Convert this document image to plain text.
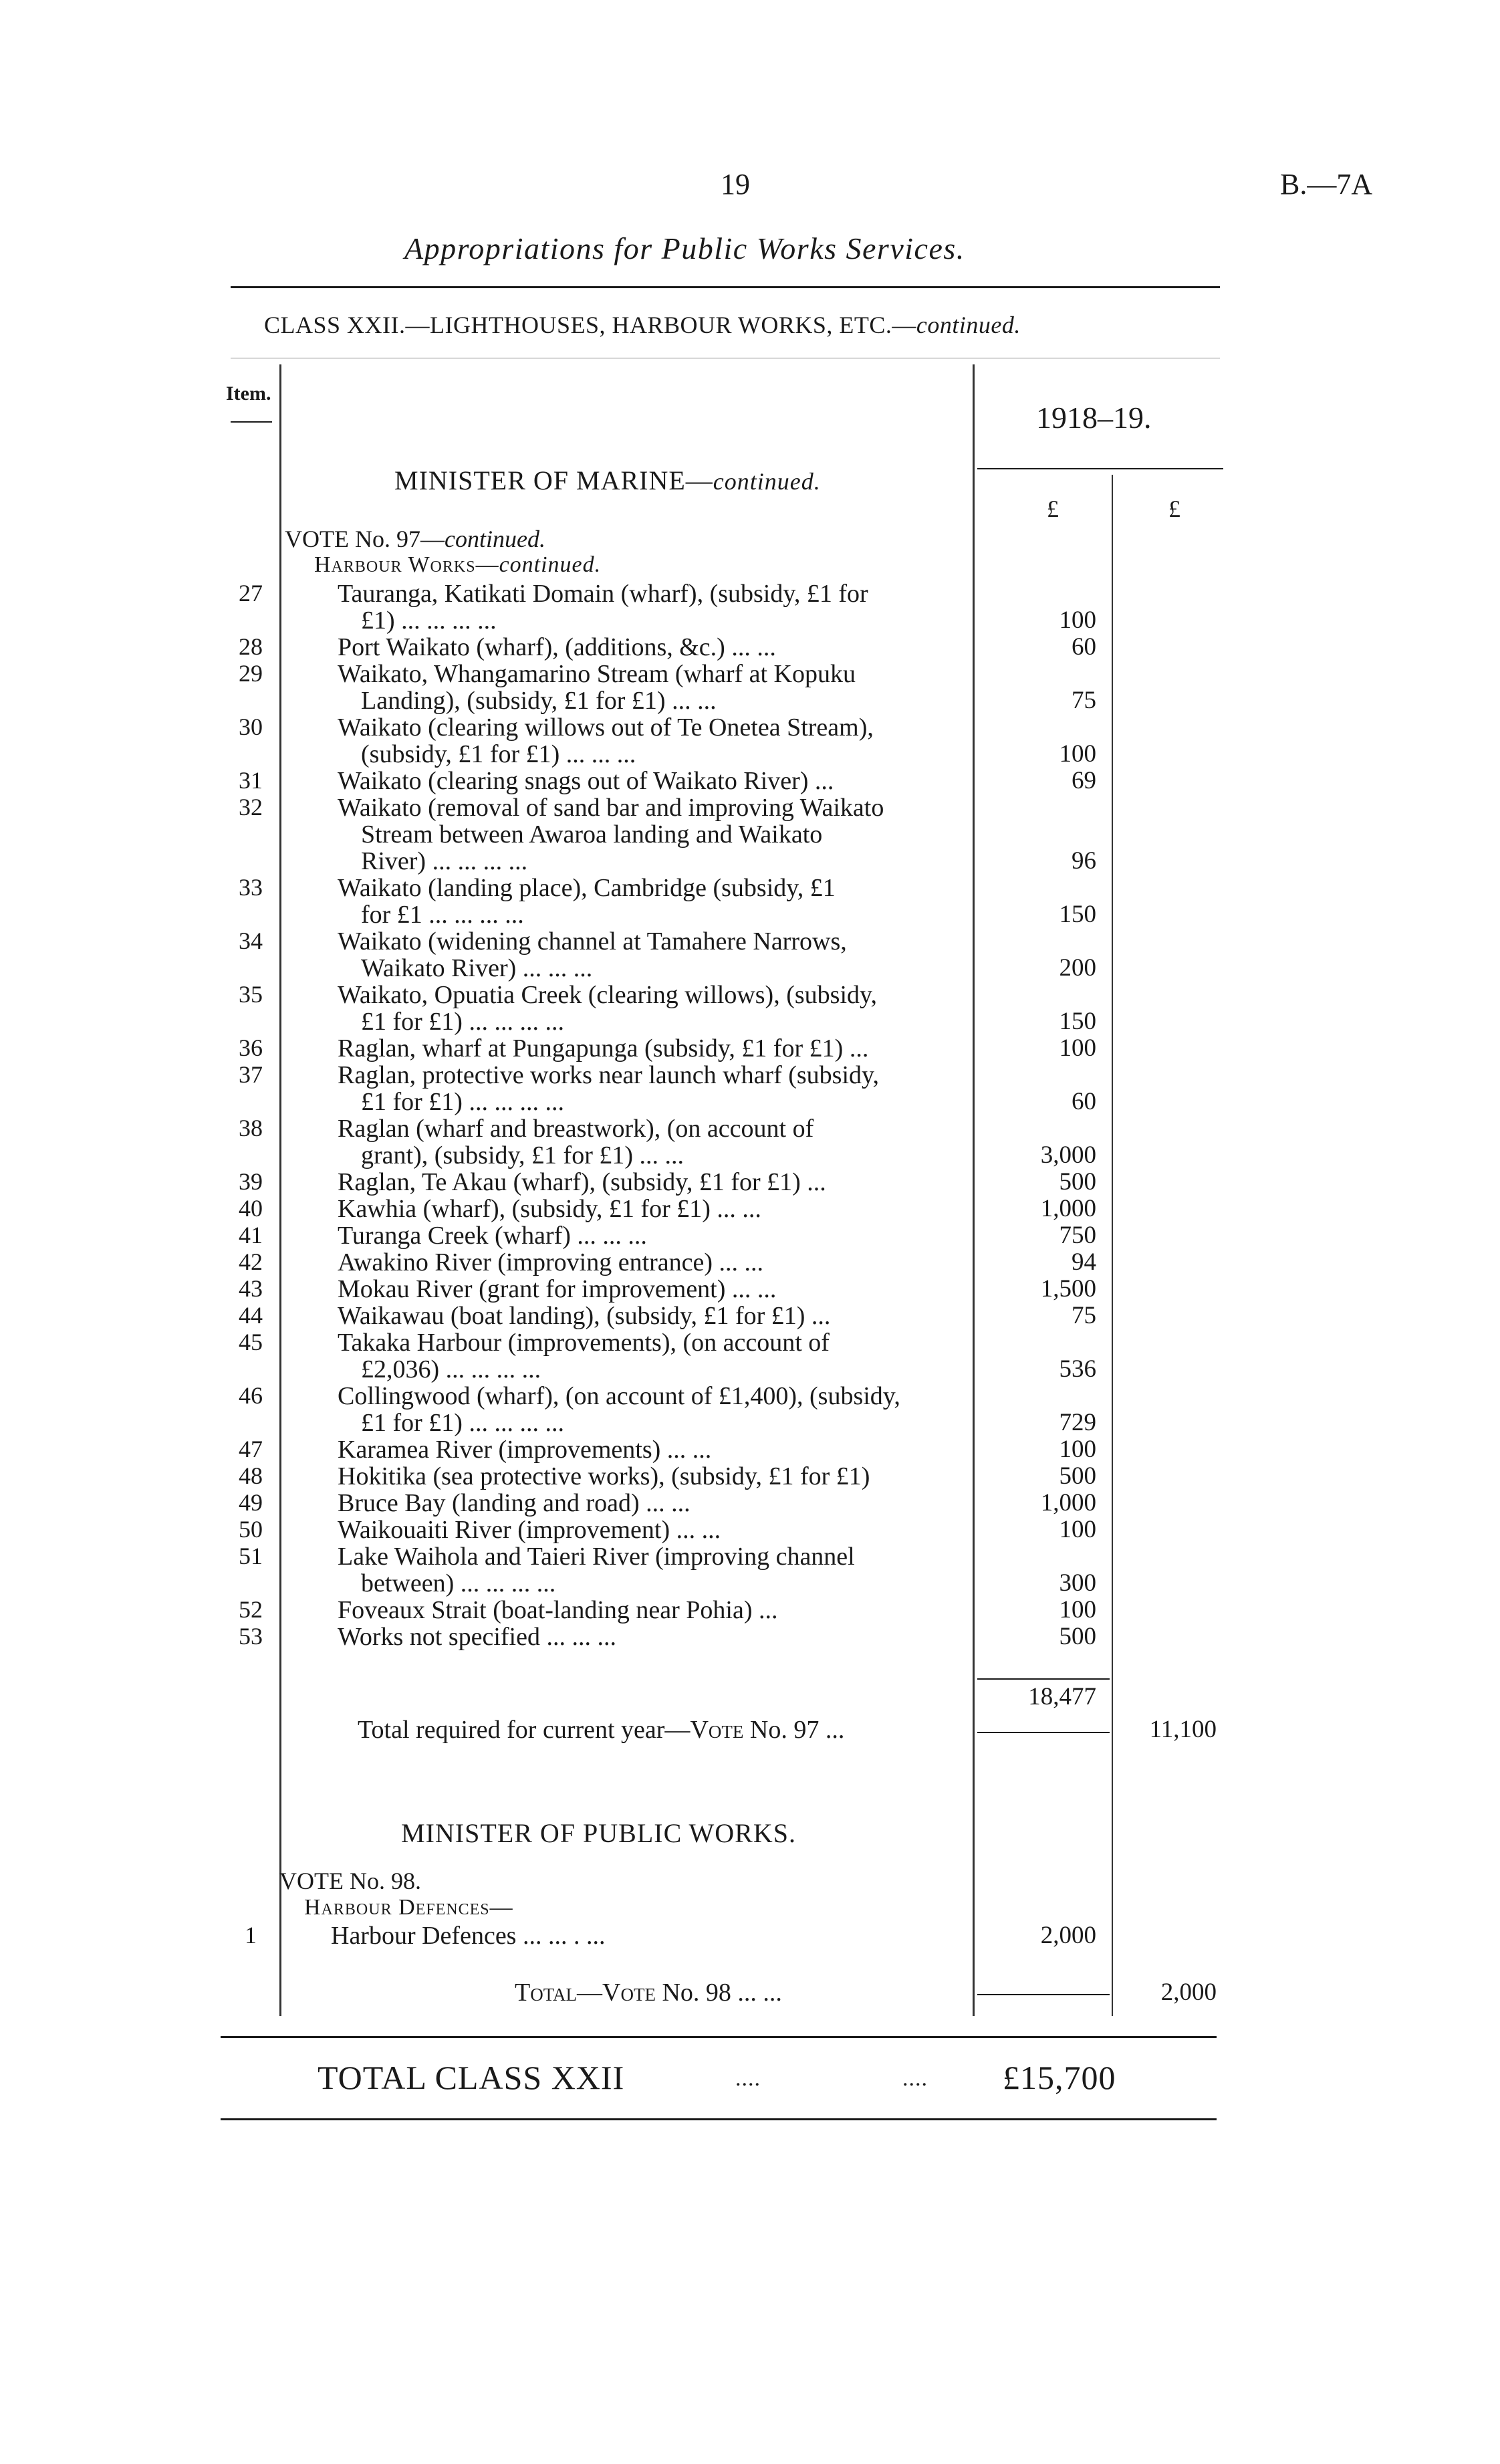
19	B.—7A
Appropriations for Public Works Services.
CLASS XXII.—LIGHTHOUSES, HARBOUR WORKS, ETC.—continued.
Item.
1918–19.
£	£
MINISTER OF MARINE—continued.
VOTE No. 97—continued.
Harbour Works—continued.
27	Tauranga, Katikati Domain (wharf), (subsidy, £1 for
£1) ... ... ... ...	100
28	Port Waikato (wharf), (additions, &c.) ... ...	60
29	Waikato, Whangamarino Stream (wharf at Kopuku
Landing), (subsidy, £1 for £1) ... ...	75
30	Waikato (clearing willows out of Te Onetea Stream),
(subsidy, £1 for £1) ... ... ...	100
31	Waikato (clearing snags out of Waikato River) ...	69
32	Waikato (removal of sand bar and improving Waikato
Stream between Awaroa landing and Waikato
River) ... ... ... ...	96
33	Waikato (landing place), Cambridge (subsidy, £1
for £1 ... ... ... ...	150
34	Waikato (widening channel at Tamahere Narrows,
Waikato River) ... ... ...	200
35	Waikato, Opuatia Creek (clearing willows), (subsidy,
£1 for £1) ... ... ... ...	150
36	Raglan, wharf at Pungapunga (subsidy, £1 for £1) ...	100
37	Raglan, protective works near launch wharf (subsidy,
£1 for £1) ... ... ... ...	60
38	Raglan (wharf and breastwork), (on account of
grant), (subsidy, £1 for £1) ... ...	3,000
39	Raglan, Te Akau (wharf), (subsidy, £1 for £1) ...	500
40	Kawhia (wharf), (subsidy, £1 for £1) ... ...	1,000
41	Turanga Creek (wharf) ... ... ...	750
42	Awakino River (improving entrance) ... ...	94
43	Mokau River (grant for improvement) ... ...	1,500
44	Waikawau (boat landing), (subsidy, £1 for £1) ...	75
45	Takaka Harbour (improvements), (on account of
£2,036) ... ... ... ...	536
46	Collingwood (wharf), (on account of £1,400), (subsidy,
£1 for £1) ... ... ... ...	729
47	Karamea River (improvements) ... ...	100
48	Hokitika (sea protective works), (subsidy, £1 for £1)	500
49	Bruce Bay (landing and road) ... ...	1,000
50	Waikouaiti River (improvement) ... ...	100
51	Lake Waihola and Taieri River (improving channel
between) ... ... ... ...	300
52	Foveaux Strait (boat-landing near Pohia) ...	100
53	Works not specified ... ... ...	500
18,477
Total required for current year—Vote No. 97 ...	11,100
MINISTER OF PUBLIC WORKS.
VOTE No. 98.
Harbour Defences—
1	Harbour Defences ... ... . ...	2,000
Total—Vote No. 98 ... ...	2,000
TOTAL CLASS XXII	....	.... £15,700
